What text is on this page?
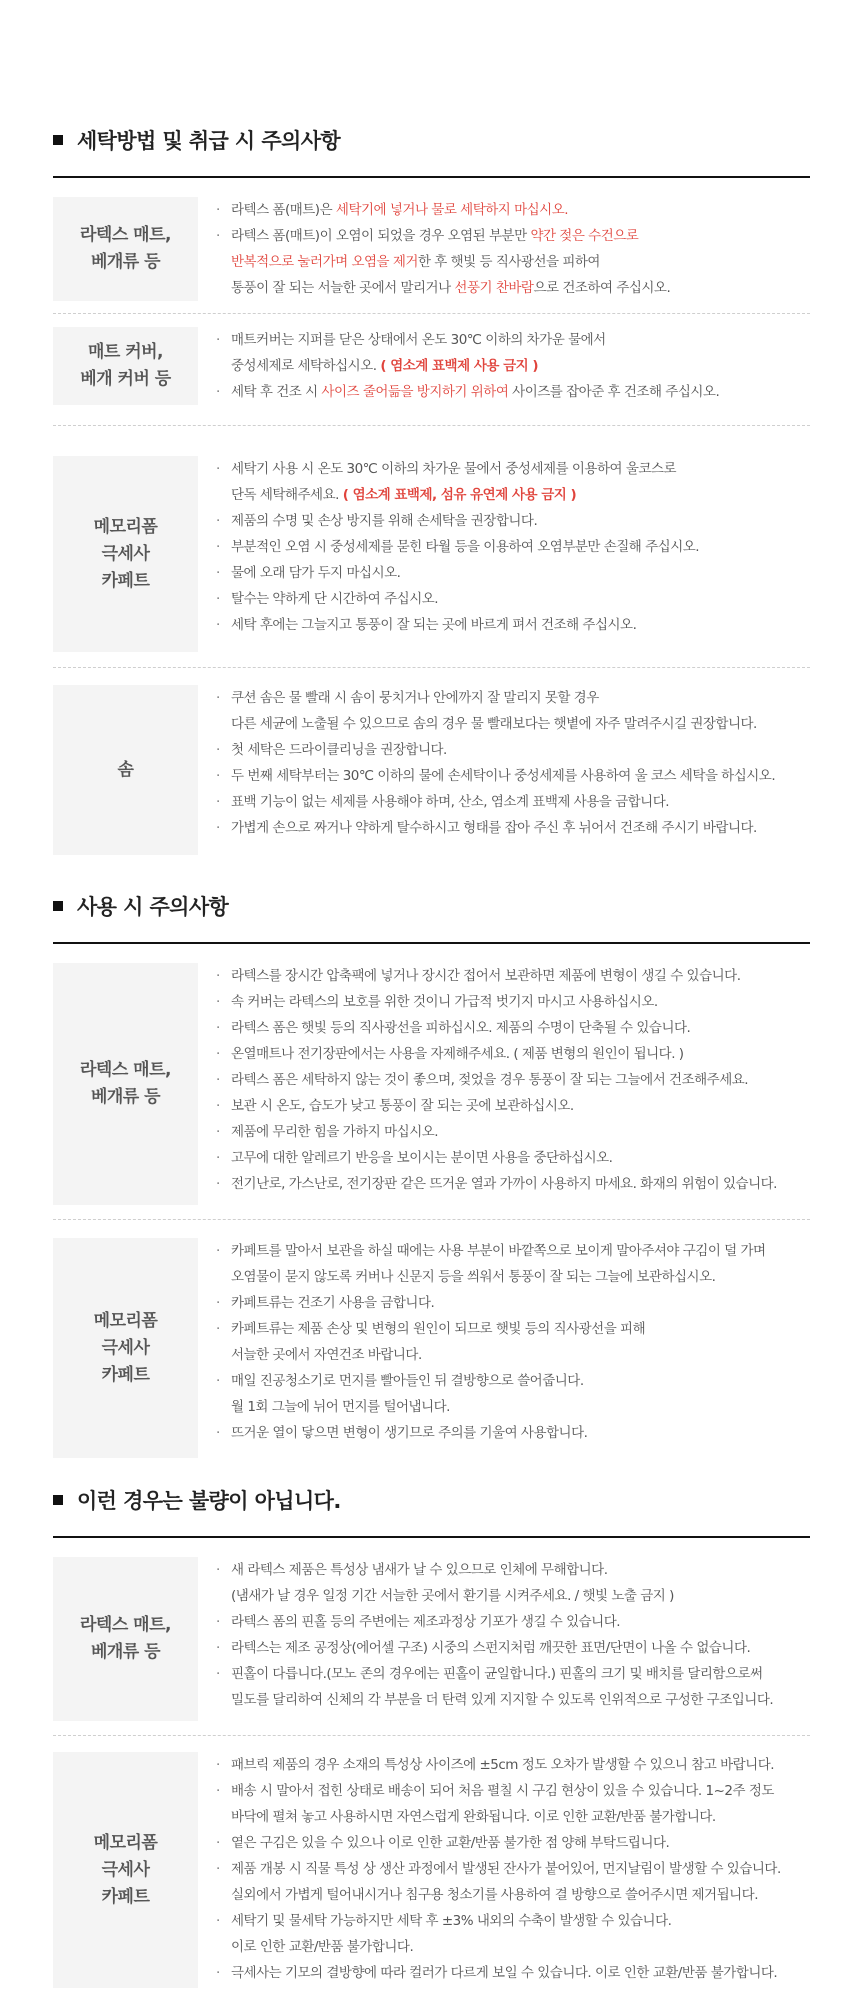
세탁방법 및 취급 시 주의사항
라텍스 매트,
베개류 등
· 라텍스 폼(매트)은 세탁기에 넣거나 물로 세탁하지 마십시오.
· 라텍스 폼(매트)이 오염이 되었을 경우 오염된 부분만 약간 젖은 수건으로
반복적으로 눌러가며 오염을 제거한 후 햇빛 등 직사광선을 피하여
통풍이 잘 되는 서늘한 곳에서 말리거나 선풍기 찬바람으로 건조하여 주십시오.
매트 커버,
베개 커버 등
· 매트커버는 지퍼를 닫은 상태에서 온도 30℃ 이하의 차가운 물에서
중성세제로 세탁하십시오. ( 염소계 표백제 사용 금지 )
· 세탁 후 건조 시 사이즈 줄어듦을 방지하기 위하여 사이즈를 잡아준 후 건조해 주십시오.
메모리폼
극세사
카페트
· 세탁기 사용 시 온도 30℃ 이하의 차가운 물에서 중성세제를 이용하여 울코스로
단독 세탁해주세요. ( 염소계 표백제, 섬유 유연제 사용 금지 )
· 제품의 수명 및 손상 방지를 위해 손세탁을 권장합니다.
· 부분적인 오염 시 중성세제를 묻힌 타월 등을 이용하여 오염부분만 손질해 주십시오.
· 물에 오래 담가 두지 마십시오.
· 탈수는 약하게 단 시간하여 주십시오.
· 세탁 후에는 그늘지고 통풍이 잘 되는 곳에 바르게 펴서 건조해 주십시오.
솜
· 쿠션 솜은 물 빨래 시 솜이 뭉치거나 안에까지 잘 말리지 못할 경우
다른 세균에 노출될 수 있으므로 솜의 경우 물 빨래보다는 햇볕에 자주 말려주시길 권장합니다.
· 첫 세탁은 드라이클리닝을 권장합니다.
· 두 번째 세탁부터는 30℃ 이하의 물에 손세탁이나 중성세제를 사용하여 울 코스 세탁을 하십시오.
· 표백 기능이 없는 세제를 사용해야 하며, 산소, 염소계 표백제 사용을 금합니다.
· 가볍게 손으로 짜거나 약하게 탈수하시고 형태를 잡아 주신 후 뉘어서 건조해 주시기 바랍니다.
사용 시 주의사항
라텍스 매트,
베개류 등
· 라텍스를 장시간 압축팩에 넣거나 장시간 접어서 보관하면 제품에 변형이 생길 수 있습니다.
· 속 커버는 라텍스의 보호를 위한 것이니 가급적 벗기지 마시고 사용하십시오.
· 라텍스 폼은 햇빛 등의 직사광선을 피하십시오. 제품의 수명이 단축될 수 있습니다.
· 온열매트나 전기장판에서는 사용을 자제해주세요. ( 제품 변형의 원인이 됩니다. )
· 라텍스 폼은 세탁하지 않는 것이 좋으며, 젖었을 경우 통풍이 잘 되는 그늘에서 건조해주세요.
· 보관 시 온도, 습도가 낮고 통풍이 잘 되는 곳에 보관하십시오.
· 제품에 무리한 힘을 가하지 마십시오.
· 고무에 대한 알레르기 반응을 보이시는 분이면 사용을 중단하십시오.
· 전기난로, 가스난로, 전기장판 같은 뜨거운 열과 가까이 사용하지 마세요. 화재의 위험이 있습니다.
메모리폼
극세사
카페트
· 카페트를 말아서 보관을 하실 때에는 사용 부분이 바깥쪽으로 보이게 말아주셔야 구김이 덜 가며
오염물이 묻지 않도록 커버나 신문지 등을 씌워서 통풍이 잘 되는 그늘에 보관하십시오.
· 카페트류는 건조기 사용을 금합니다.
· 카페트류는 제품 손상 및 변형의 원인이 되므로 햇빛 등의 직사광선을 피해
서늘한 곳에서 자연건조 바랍니다.
· 매일 진공청소기로 먼지를 빨아들인 뒤 결방향으로 쓸어줍니다.
월 1회 그늘에 뉘어 먼지를 털어냅니다.
· 뜨거운 열이 닿으면 변형이 생기므로 주의를 기울여 사용합니다.
이런 경우는 불량이 아닙니다.
라텍스 매트,
베개류 등
· 새 라텍스 제품은 특성상 냄새가 날 수 있으므로 인체에 무해합니다.
(냄새가 날 경우 일정 기간 서늘한 곳에서 환기를 시켜주세요. / 햇빛 노출 금지 )
· 라텍스 폼의 핀홀 등의 주변에는 제조과정상 기포가 생길 수 있습니다.
· 라텍스는 제조 공정상(에어셀 구조) 시중의 스펀지처럼 깨끗한 표면/단면이 나올 수 없습니다.
· 핀홀이 다릅니다.(모노 존의 경우에는 핀홀이 균일합니다.) 핀홀의 크기 및 배치를 달리함으로써
밀도를 달리하여 신체의 각 부분을 더 탄력 있게 지지할 수 있도록 인위적으로 구성한 구조입니다.
메모리폼
극세사
카페트
· 패브릭 제품의 경우 소재의 특성상 사이즈에 ±5cm 정도 오차가 발생할 수 있으니 참고 바랍니다.
· 배송 시 말아서 접힌 상태로 배송이 되어 처음 펼칠 시 구김 현상이 있을 수 있습니다. 1~2주 정도
바닥에 펼쳐 놓고 사용하시면 자연스럽게 완화됩니다. 이로 인한 교환/반품 불가합니다.
· 옅은 구김은 있을 수 있으나 이로 인한 교환/반품 불가한 점 양해 부탁드립니다.
· 제품 개봉 시 직물 특성 상 생산 과정에서 발생된 잔사가 붙어있어, 먼지날림이 발생할 수 있습니다.
실외에서 가볍게 털어내시거나 침구용 청소기를 사용하여 결 방향으로 쓸어주시면 제거됩니다.
· 세탁기 및 물세탁 가능하지만 세탁 후 ±3% 내외의 수축이 발생할 수 있습니다.
이로 인한 교환/반품 불가합니다.
· 극세사는 기모의 결방향에 따라 컬러가 다르게 보일 수 있습니다. 이로 인한 교환/반품 불가합니다.
